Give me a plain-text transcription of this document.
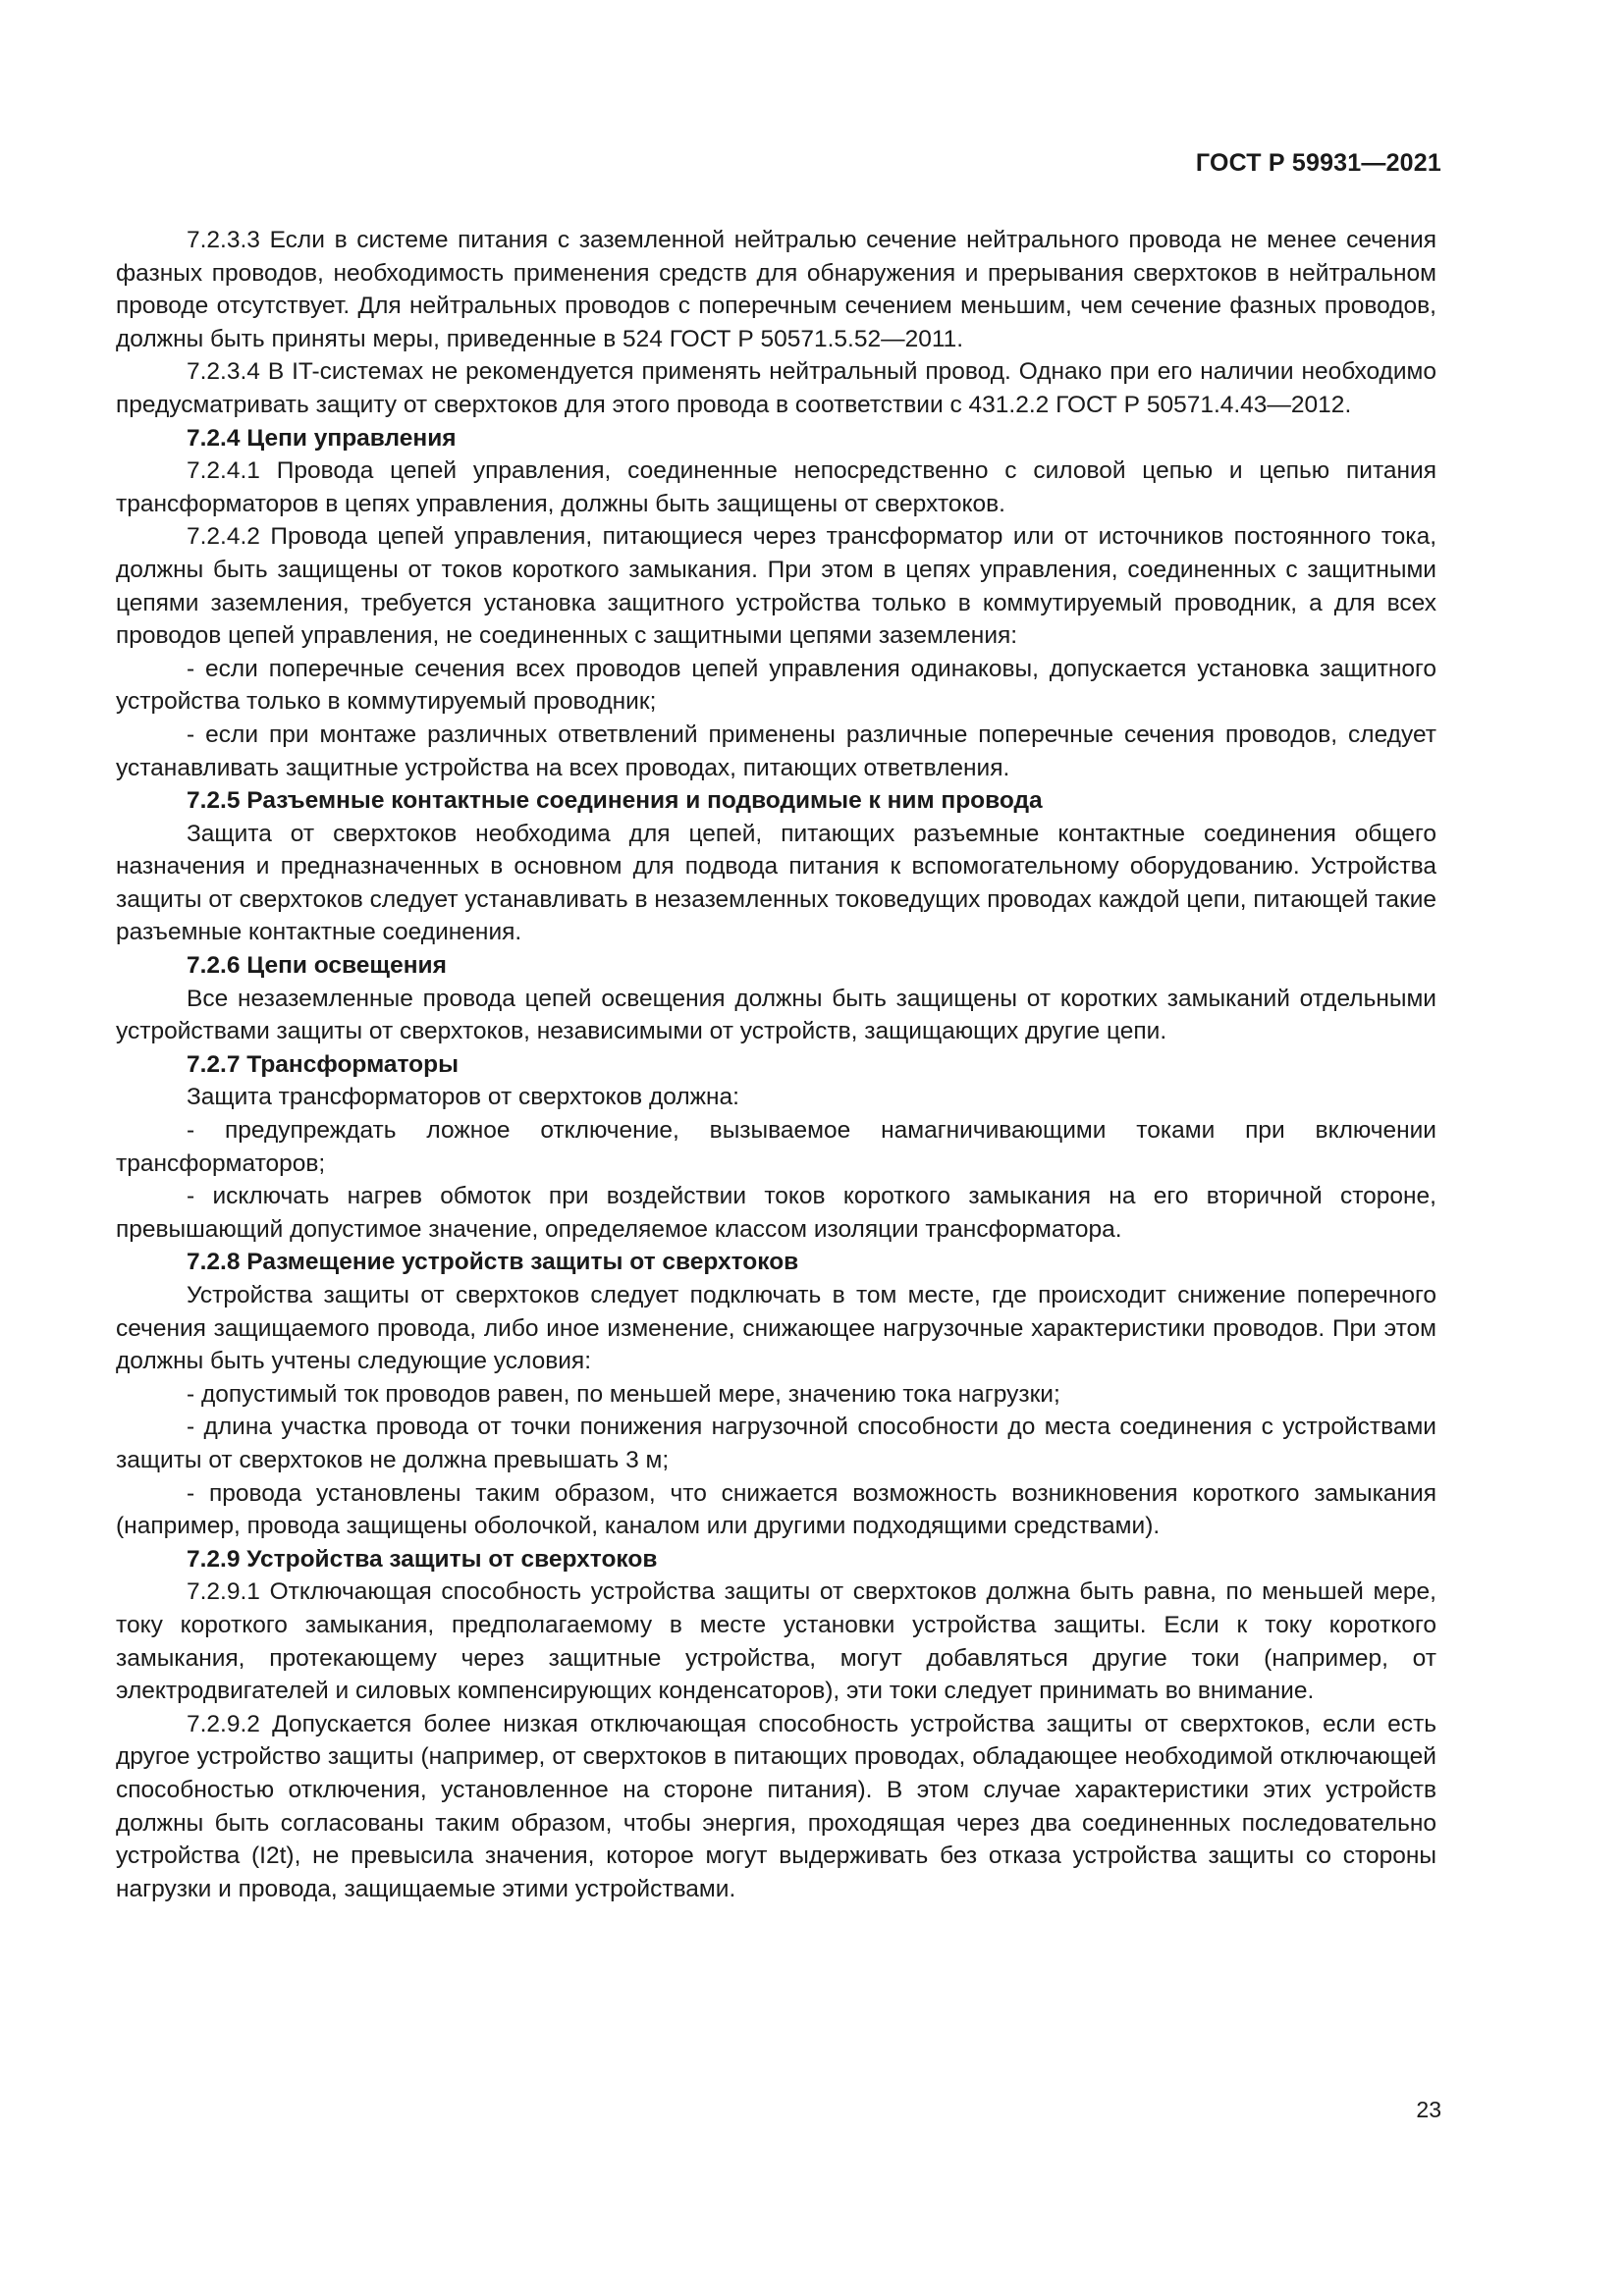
ГОСТ Р 59931—2021

7.2.3.3 Если в системе питания с заземленной нейтралью сечение нейтрального провода не менее сечения фазных проводов, необходимость применения средств для обнаружения и прерывания сверхтоков в нейтральном проводе отсутствует. Для нейтральных проводов с поперечным сечением меньшим, чем сечение фазных проводов, должны быть приняты меры, приведенные в 524 ГОСТ Р 50571.5.52—2011.

7.2.3.4 В IT-системах не рекомендуется применять нейтральный провод. Однако при его наличии необходимо предусматривать защиту от сверхтоков для этого провода в соответствии с 431.2.2 ГОСТ Р 50571.4.43—2012.

7.2.4 Цепи управления

7.2.4.1 Провода цепей управления, соединенные непосредственно с силовой цепью и цепью питания трансформаторов в цепях управления, должны быть защищены от сверхтоков.

7.2.4.2 Провода цепей управления, питающиеся через трансформатор или от источников постоянного тока, должны быть защищены от токов короткого замыкания. При этом в цепях управления, соединенных с защитными цепями заземления, требуется установка защитного устройства только в коммутируемый проводник, а для всех проводов цепей управления, не соединенных с защитными цепями заземления:

- если поперечные сечения всех проводов цепей управления одинаковы, допускается установка защитного устройства только в коммутируемый проводник;

- если при монтаже различных ответвлений применены различные поперечные сечения проводов, следует устанавливать защитные устройства на всех проводах, питающих ответвления.

7.2.5 Разъемные контактные соединения и подводимые к ним провода

Защита от сверхтоков необходима для цепей, питающих разъемные контактные соединения общего назначения и предназначенных в основном для подвода питания к вспомогательному оборудованию. Устройства защиты от сверхтоков следует устанавливать в незаземленных токоведущих проводах каждой цепи, питающей такие разъемные контактные соединения.

7.2.6 Цепи освещения

Все незаземленные провода цепей освещения должны быть защищены от коротких замыканий отдельными устройствами защиты от сверхтоков, независимыми от устройств, защищающих другие цепи.

7.2.7 Трансформаторы

Защита трансформаторов от сверхтоков должна:

- предупреждать ложное отключение, вызываемое намагничивающими токами при включении трансформаторов;

- исключать нагрев обмоток при воздействии токов короткого замыкания на его вторичной стороне, превышающий допустимое значение, определяемое классом изоляции трансформатора.

7.2.8 Размещение устройств защиты от сверхтоков

Устройства защиты от сверхтоков следует подключать в том месте, где происходит снижение поперечного сечения защищаемого провода, либо иное изменение, снижающее нагрузочные характеристики проводов. При этом должны быть учтены следующие условия:

- допустимый ток проводов равен, по меньшей мере, значению тока нагрузки;

- длина участка провода от точки понижения нагрузочной способности до места соединения с устройствами защиты от сверхтоков не должна превышать 3 м;

- провода установлены таким образом, что снижается возможность возникновения короткого замыкания (например, провода защищены оболочкой, каналом или другими подходящими средствами).

7.2.9 Устройства защиты от сверхтоков

7.2.9.1 Отключающая способность устройства защиты от сверхтоков должна быть равна, по меньшей мере, току короткого замыкания, предполагаемому в месте установки устройства защиты. Если к току короткого замыкания, протекающему через защитные устройства, могут добавляться другие токи (например, от электродвигателей и силовых компенсирующих конденсаторов), эти токи следует принимать во внимание.

7.2.9.2 Допускается более низкая отключающая способность устройства защиты от сверхтоков, если есть другое устройство защиты (например, от сверхтоков в питающих проводах, обладающее необходимой отключающей способностью отключения, установленное на стороне питания). В этом случае характеристики этих устройств должны быть согласованы таким образом, чтобы энергия, проходящая через два соединенных последовательно устройства (I2t), не превысила значения, которое могут выдерживать без отказа устройства защиты со стороны нагрузки и провода, защищаемые этими устройствами.

23
